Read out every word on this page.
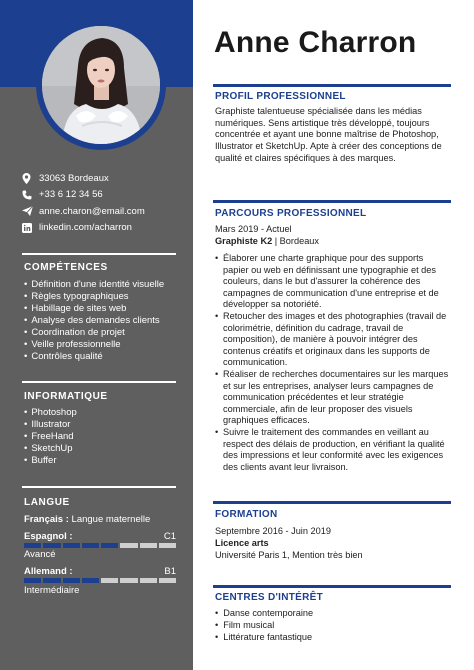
33063 Bordeaux
+33 6 12 34 56
anne.charon@email.com
linkedin.com/acharron
COMPÉTENCES
• Définition d'une identité visuelle
• Règles typographiques
• Habillage de sites web
• Analyse des demandes clients
• Coordination de projet
• Veille professionnelle
• Contrôles qualité
INFORMATIQUE
• Photoshop
• Illustrator
• FreeHand
• SketchUp
• Buffer
LANGUE
Français : Langue maternelle
Espagnol :	C1
Avancé
Allemand :	B1
Intermédiaire
Anne Charron
PROFIL PROFESSIONNEL
Graphiste talentueuse spécialisée dans les médias numériques. Sens artistique très développé, toujours concentrée et ayant une bonne maîtrise de Photoshop, Illustrator et SketchUp. Apte à créer des conceptions de qualité et claires spécifiques à des marques.
PARCOURS PROFESSIONNEL
Mars 2019 - Actuel
Graphiste K2 | Bordeaux
• Élaborer une charte graphique pour des supports papier ou web en définissant une typographie et des couleurs, dans le but d'assurer la cohérence des campagnes de communication d'une entreprise et de développer sa notoriété.
• Retoucher des images et des photographies (travail de colorimétrie, définition du cadrage, travail de composition), de manière à pouvoir intégrer des contenus créatifs et originaux dans les supports de communication.
• Réaliser de recherches documentaires sur les marques et sur les entreprises, analyser leurs campagnes de communication précédentes et leur stratégie commerciale, afin de leur proposer des visuels graphiques efficaces.
• Suivre le traitement des commandes en veillant au respect des délais de production, en vérifiant la qualité des impressions et leur conformité avec les exigences des clients avant leur livraison.
FORMATION
Septembre 2016 - Juin 2019
Licence arts
Université Paris 1, Mention très bien
CENTRES D'INTÉRÊT
• Danse contemporaine
• Film musical
• Littérature fantastique
